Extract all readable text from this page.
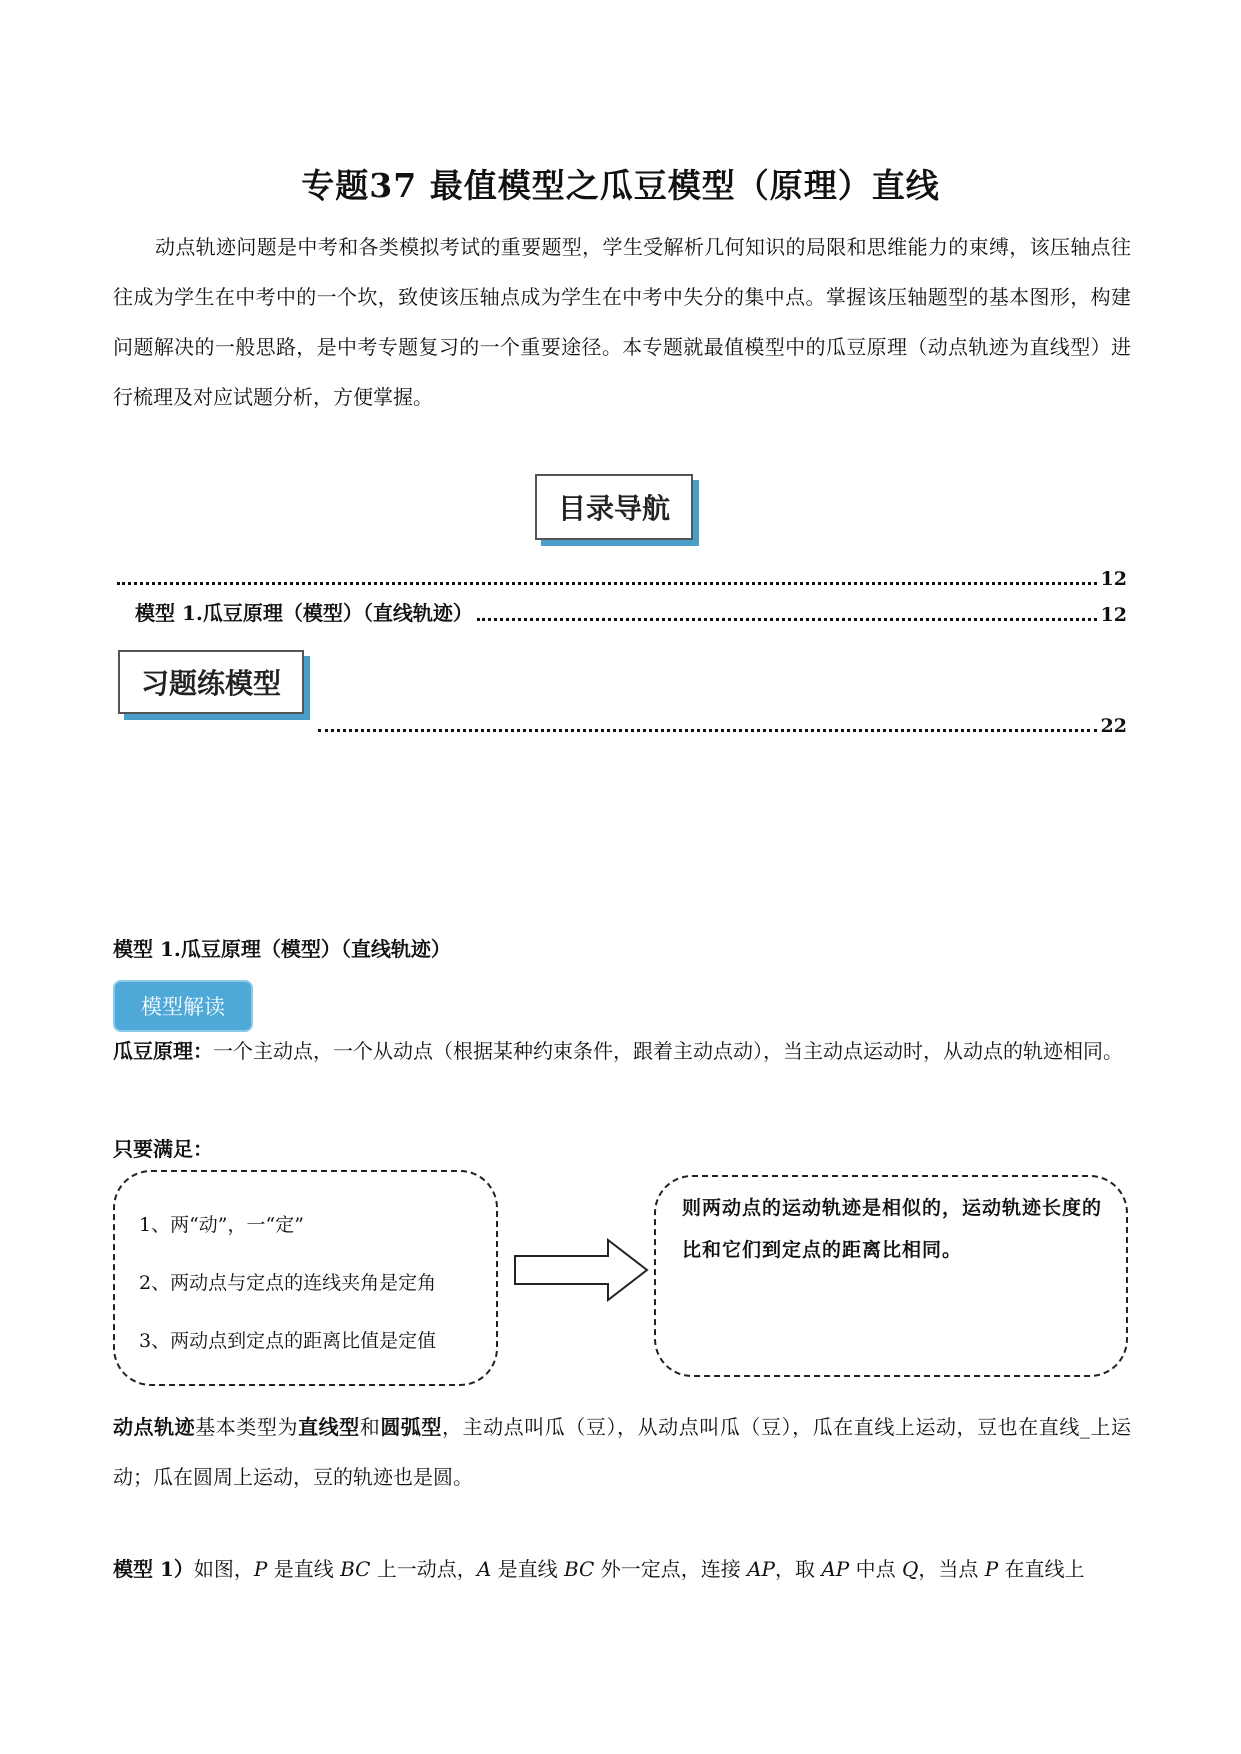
专题37 最值模型之瓜豆模型（原理）直线
动点轨迹问题是中考和各类模拟考试的重要题型，学生受解析几何知识的局限和思维能力的束缚，该压轴点往往成为学生在中考中的一个坎，致使该压轴点成为学生在中考中失分的集中点。掌握该压轴题型的基本图形，构建问题解决的一般思路，是中考专题复习的一个重要途径。本专题就最值模型中的瓜豆原理（动点轨迹为直线型）进行梳理及对应试题分析，方便掌握。
目录导航
12
模型 1.瓜豆原理（模型）（直线轨迹）	12
习题练模型
22
模型 1.瓜豆原理（模型）（直线轨迹）
模型解读
瓜豆原理：一个主动点，一个从动点（根据某种约束条件，跟着主动点动），当主动点运动时，从动点的轨迹相同。
只要满足：
1、两“动”，一“定”
2、两动点与定点的连线夹角是定角
3、两动点到定点的距离比值是定值
则两动点的运动轨迹是相似的，运动轨迹长度的比和它们到定点的距离比相同。
动点轨迹基本类型为直线型和圆弧型，主动点叫瓜（豆），从动点叫瓜（豆），瓜在直线上运动，豆也在直线_上运动；瓜在圆周上运动，豆的轨迹也是圆。
模型 1）如图，P 是直线 BC 上一动点，A 是直线 BC 外一定点，连接 AP，取 AP 中点 Q，当点 P 在直线上
